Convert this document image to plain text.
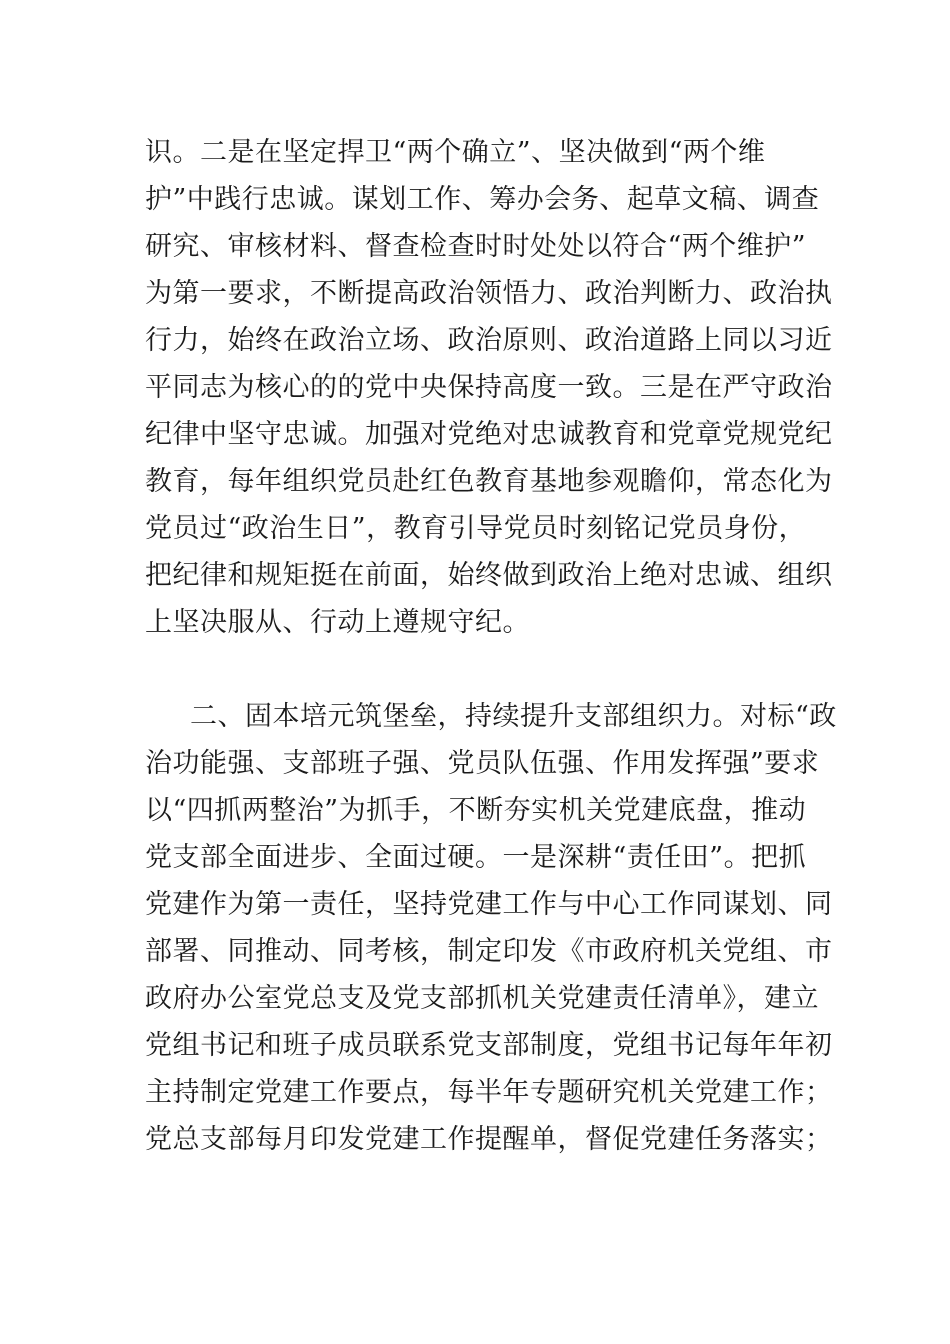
识。二是在坚定捍卫“两个确立”、坚决做到“两个维
护”中践行忠诚。谋划工作、筹办会务、起草文稿、调查
研究、审核材料、督查检查时时处处以符合“两个维护”
为第一要求，不断提高政治领悟力、政治判断力、政治执
行力，始终在政治立场、政治原则、政治道路上同以习近
平同志为核心的的党中央保持高度一致。三是在严守政治
纪律中坚守忠诚。加强对党绝对忠诚教育和党章党规党纪
教育，每年组织党员赴红色教育基地参观瞻仰，常态化为
党员过“政治生日”，教育引导党员时刻铭记党员身份，
把纪律和规矩挺在前面，始终做到政治上绝对忠诚、组织
上坚决服从、行动上遵规守纪。
二、固本培元筑堡垒，持续提升支部组织力。对标“政
治功能强、支部班子强、党员队伍强、作用发挥强”要求
以“四抓两整治”为抓手，不断夯实机关党建底盘，推动
党支部全面进步、全面过硬。一是深耕“责任田”。把抓
党建作为第一责任，坚持党建工作与中心工作同谋划、同
部署、同推动、同考核，制定印发《市政府机关党组、市
政府办公室党总支及党支部抓机关党建责任清单》，建立
党组书记和班子成员联系党支部制度，党组书记每年年初
主持制定党建工作要点，每半年专题研究机关党建工作；
党总支部每月印发党建工作提醒单，督促党建任务落实；
